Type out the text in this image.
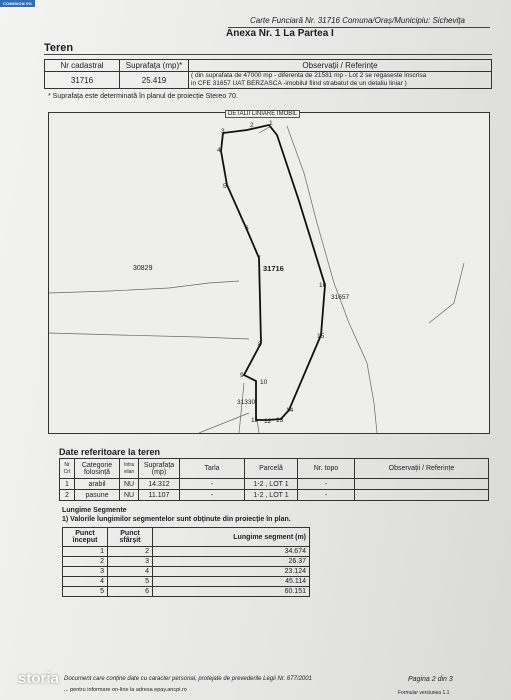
COMISION 0%
Carte Funciară Nr. 31716 Comuna/Oraș/Municipiu: Sichevița
Anexa Nr. 1 La Partea I
Teren
Nr cadastral	Suprafața (mp)*	Observații / Referințe
31716	25.419	( din suprafata de 47000 mp - diferenta de 21581 mp - Lot 2 se regaseste inscrisa
in CFE 31657 UAT BERZASCA -imobilul fiind strabatut de un detaliu liniar )
* Suprafața este determinată în planul de proiecție Stereo 70.
1
2
3
4
5
6
7
8
9
10
11 12 13
14
15
16
30829	31716
31657
31330
DETALII LINIARE IMOBIL
Date referitoare la teren
Nr Crt	Categorie folosință	Intra vilan	Suprafața (mp)	Tarla	Parcelă	Nr. topo	Observații / Referințe
1	arabil	NU	14.312	-	1-2 , LOT 1	-	
2	pasune	NU	11.107	-	1-2 , LOT 1	-	
Lungime Segmente
1) Valorile lungimilor segmentelor sunt obținute din proiecție în plan.
Punct început	Punct sfârșit	Lungime segment (m)
1	2	34.674
2	3	26.37
3	4	23.124
4	5	45.114
5	6	60.151
Document care conține date cu caracter personal, protejate de prevederile Legii Nr. 677/2001
... pentru informare on-line la adresa epay.ancpi.ro
Pagina 2 din 3
Formular versiunea 1.1
storia
